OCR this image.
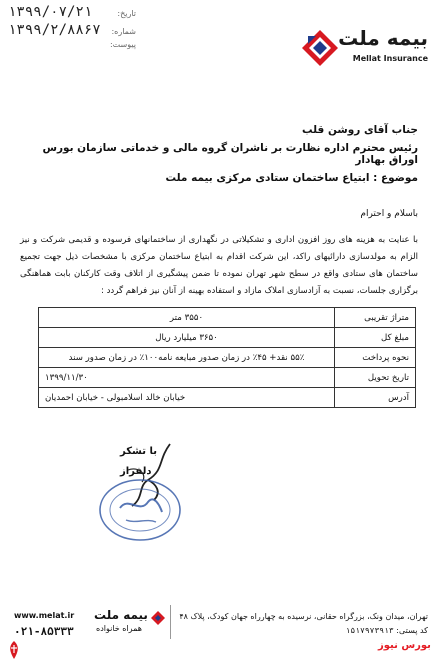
تاریخ:
۱۳۹۹/۰۷/۲۱
شماره:
۱۳۹۹/۲/۸۸۶۷
پیوست:	بیمه ملت
Mellat Insurance
جناب آقای روشن قلب
رئیس محترم اداره نظارت بر ناشران گروه مالی و خدماتی سازمان بورس اوراق بهادار
موضوع : ابتیاع ساختمان ستادی مرکزی بیمه ملت
باسلام و احترام
با عنایت به هزینه های روز افزون اداری و تشکیلاتی در نگهداری از ساختمانهای فرسوده و قدیمی شرکت و نیز الزام به مولدسازی دارائیهای راکد، این شرکت اقدام به ابتیاع ساختمان مرکزی با مشخصات ذیل جهت تجمیع ساختمان های ستادی واقع در سطح شهر تهران نموده تا ضمن پیشگیری از اتلاف وقت کارکنان بابت هماهنگی برگزاری جلسات، نسبت به آزادسازی املاک مازاد و استفاده بهینه از آنان نیز فراهم گردد :
متراژ تقریبی	۳۵۵۰ متر
مبلغ کل	۳۶۵۰ میلیارد ریال
نحوه پرداخت	۵۵٪ نقد+ ۴۵٪ در زمان صدور مبایعه نامه۱۰۰٪ در زمان صدور سند
تاریخ تحویل	۱۳۹۹/۱۱/۳۰
آدرس	خیابان خالد اسلامبولی - خیابان احمدیان
با تشکر
دلفراز
تهران، میدان ونک، بزرگراه حقانی، نرسیده به چهارراه جهان کودک، پلاک ۴۸
کد پستی: ۱۵۱۷۹۷۳۹۱۳
بیمه ملت
همراه خانواده
www.melat.ir
۰۲۱-۸۵۳۳۳
بورس نیوز
